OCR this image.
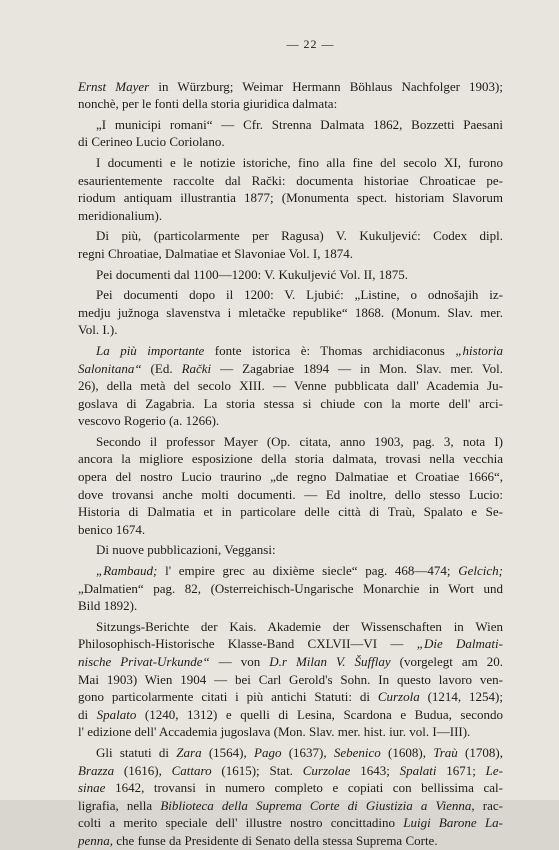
— 22 —
Ernst Mayer in Würzburg; Weimar Hermann Böhlaus Nachfolger 1903);
nonchè, per le fonti della storia giuridica dalmata:
„I municipi romani“ — Cfr. Strenna Dalmata 1862, Bozzetti Paesani
di Cerineo Lucio Coriolano.
I documenti e le notizie istoriche, fino alla fine del secolo XI, furono
esaurientemente raccolte dal Rački: documenta historiae Chroaticae pe-
riodum antiquam illustrantia 1877; (Monumenta spect. historiam Slavorum
meridionalium).
Di più, (particolarmente per Ragusa) V. Kukuljević: Codex dipl.
regni Chroatiae, Dalmatiae et Slavoniae Vol. I, 1874.
Pei documenti dal 1100—1200: V. Kukuljević Vol. II, 1875.
Pei documenti dopo il 1200: V. Ljubić: „Listine, o odnošajih iz-
medju južnoga slavenstva i mletačke republike“ 1868. (Monum. Slav. mer.
Vol. I.).
La più importante fonte istorica è: Thomas archidiaconus „historia
Salonitana“ (Ed. Rački — Zagabriae 1894 — in Mon. Slav. mer. Vol.
26), della metà del secolo XIII. — Venne pubblicata dall' Academia Ju-
goslava di Zagabria. La storia stessa si chiude con la morte dell' arci-
vescovo Rogerio (a. 1266).
Secondo il professor Mayer (Op. citata, anno 1903, pag. 3, nota I)
ancora la migliore esposizione della storia dalmata, trovasi nella vecchia
opera del nostro Lucio traurino „de regno Dalmatiae et Croatiae 1666“,
dove trovansi anche molti documenti. — Ed inoltre, dello stesso Lucio:
Historia di Dalmatia et in particolare delle città di Traù, Spalato e Se-
benico 1674.
Di nuove pubblicazioni, Veggansi:
„Rambaud; l' empire grec au dixième siecle“ pag. 468—474; Gelcich;
„Dalmatien“ pag. 82, (Osterreichisch-Ungarische Monarchie in Wort und
Bild 1892).
Sitzungs-Berichte der Kais. Akademie der Wissenschaften in Wien
Philosophisch-Historische Klasse-Band CXLVII—VI — „Die Dalmati-
nische Privat-Urkunde“ — von D.r Milan V. Šufflay (vorgelegt am 20.
Mai 1903) Wien 1904 — bei Carl Gerold's Sohn. In questo lavoro ven-
gono particolarmente citati i più antichi Statuti: di Curzola (1214, 1254);
di Spalato (1240, 1312) e quelli di Lesina, Scardona e Budua, secondo
l' edizione dell' Accademia jugoslava (Mon. Slav. mer. hist. iur. vol. I—III).
Gli statuti di Zara (1564), Pago (1637), Sebenico (1608), Traù (1708),
Brazza (1616), Cattaro (1615); Stat. Curzolae 1643; Spalati 1671; Le-
sinae 1642, trovansi in numero completo e copiati con bellissima cal-
ligrafia, nella Biblioteca della Suprema Corte di Giustizia a Vienna, rac-
colti a merito speciale dell' illustre nostro concittadino Luigi Barone La-
penna, che funse da Presidente di Senato della stessa Suprema Corte.
